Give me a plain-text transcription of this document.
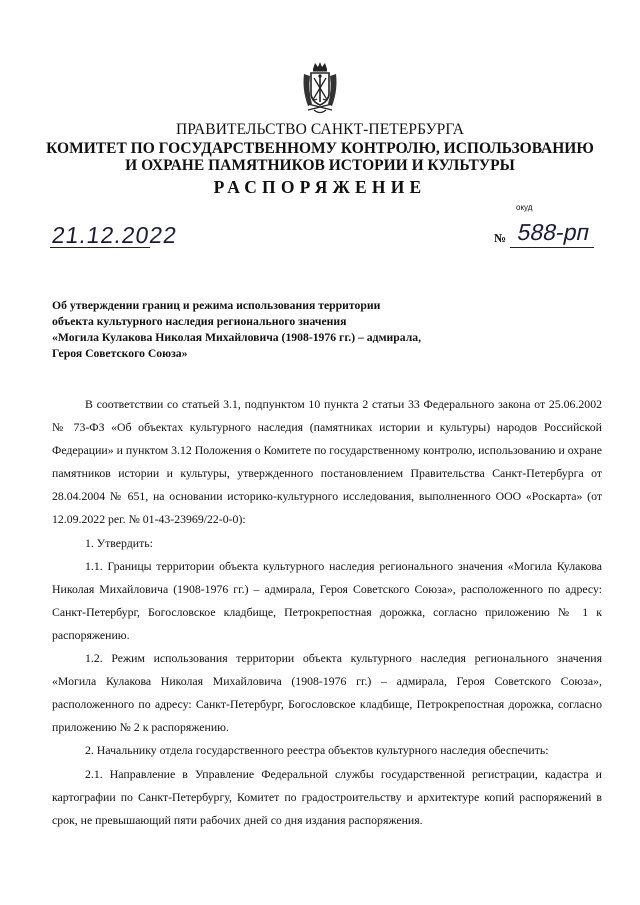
ПРАВИТЕЛЬСТВО САНКТ-ПЕТЕРБУРГА
КОМИТЕТ ПО ГОСУДАРСТВЕННОМУ КОНТРОЛЮ, ИСПОЛЬЗОВАНИЮ
И ОХРАНЕ ПАМЯТНИКОВ ИСТОРИИ И КУЛЬТУРЫ
РАСПОРЯЖЕНИЕ
окуд
21.12.2022	№ 588-рп
Об утверждении границ и режима использования территории
объекта культурного наследия регионального значения
«Могила Кулакова Николая Михайловича (1908-1976 гг.) – адмирала,
Героя Советского Союза»

В соответствии со статьей 3.1, подпунктом 10 пункта 2 статьи 33 Федерального закона от 25.06.2002 № 73-ФЗ «Об объектах культурного наследия (памятниках истории и культуры) народов Российской Федерации» и пунктом 3.12 Положения о Комитете по государственному контролю, использованию и охране памятников истории и культуры, утвержденного постановлением Правительства Санкт-Петербурга от 28.04.2004 № 651, на основании историко-культурного исследования, выполненного ООО «Роскарта» (от 12.09.2022 рег. № 01-43-23969/22-0-0):

1. Утвердить:

1.1. Границы территории объекта культурного наследия регионального значения «Могила Кулакова Николая Михайловича (1908-1976 гг.) – адмирала, Героя Советского Союза», расположенного по адресу: Санкт-Петербург, Богословское кладбище, Петрокрепостная дорожка, согласно приложению № 1 к распоряжению.

1.2. Режим использования территории объекта культурного наследия регионального значения «Могила Кулакова Николая Михайловича (1908-1976 гг.) – адмирала, Героя Советского Союза», расположенного по адресу: Санкт-Петербург, Богословское кладбище, Петрокрепостная дорожка, согласно приложению № 2 к распоряжению.

2. Начальнику отдела государственного реестра объектов культурного наследия обеспечить:

2.1. Направление в Управление Федеральной службы государственной регистрации, кадастра и картографии по Санкт-Петербургу, Комитет по градостроительству и архитектуре копий распоряжений в срок, не превышающий пяти рабочих дней со дня издания распоряжения.
